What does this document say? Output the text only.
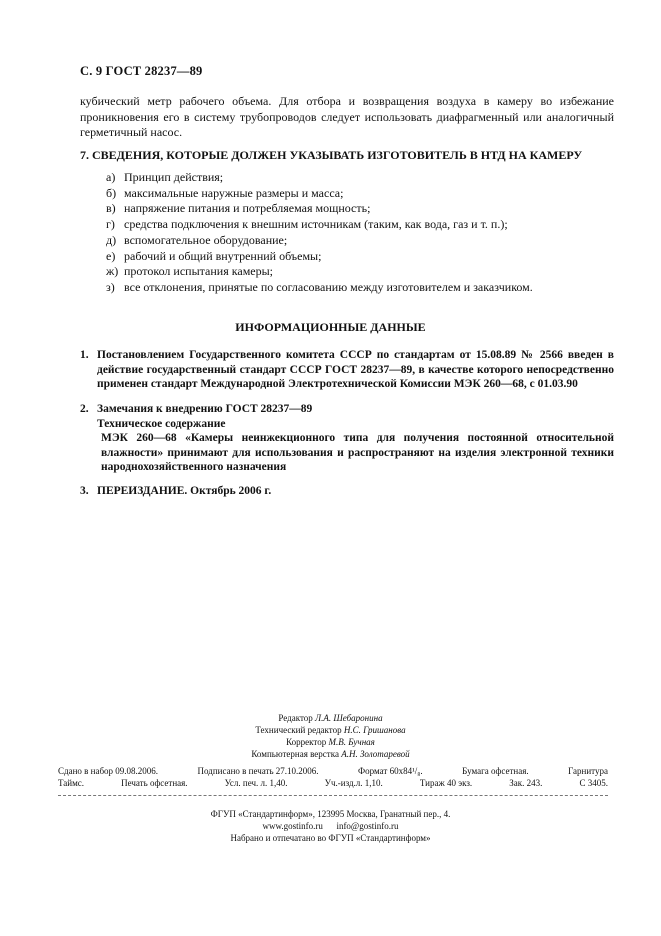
С. 9 ГОСТ 28237—89
кубический метр рабочего объема. Для отбора и возвращения воздуха в камеру во избежание проникновения его в систему трубопроводов следует использовать диафрагменный или аналогичный герметичный насос.
7. СВЕДЕНИЯ, КОТОРЫЕ ДОЛЖЕН УКАЗЫВАТЬ ИЗГОТОВИТЕЛЬ В НТД НА КАМЕРУ
а) Принцип действия;
б) максимальные наружные размеры и масса;
в) напряжение питания и потребляемая мощность;
г) средства подключения к внешним источникам (таким, как вода, газ и т. п.);
д) вспомогательное оборудование;
е) рабочий и общий внутренний объемы;
ж) протокол испытания камеры;
з) все отклонения, принятые по согласованию между изготовителем и заказчиком.
ИНФОРМАЦИОННЫЕ ДАННЫЕ
1. Постановлением Государственного комитета СССР по стандартам от 15.08.89 № 2566 введен в действие государственный стандарт СССР ГОСТ 28237—89, в качестве которого непосредственно применен стандарт Международной Электротехнической Комиссии МЭК 260—68, с 01.03.90
2. Замечания к внедрению ГОСТ 28237—89
Техническое содержание
МЭК 260—68 «Камеры неинжекционного типа для получения постоянной относительной влажности» принимают для использования и распространяют на изделия электронной техники народнохозяйственного назначения
3. ПЕРЕИЗДАНИЕ. Октябрь 2006 г.
Редактор Л.А. Шебаронина
Технический редактор Н.С. Гришанова
Корректор М.В. Бучная
Компьютерная верстка А.Н. Золотаревой
Сдано в набор 09.08.2006.	Подписано в печать 27.10.2006.	Формат 60х84¹/₈.	Бумага офсетная.	Гарнитура
Таймс.	Печать офсетная.	Усл. печ. л. 1,40.	Уч.-изд.л. 1,10.	Тираж 40 экз.	Зак. 243.	С 3405.
ФГУП «Стандартинформ», 123995 Москва, Гранатный пер., 4.
www.gostinfo.ru info@gostinfo.ru
Набрано и отпечатано во ФГУП «Стандартинформ»
